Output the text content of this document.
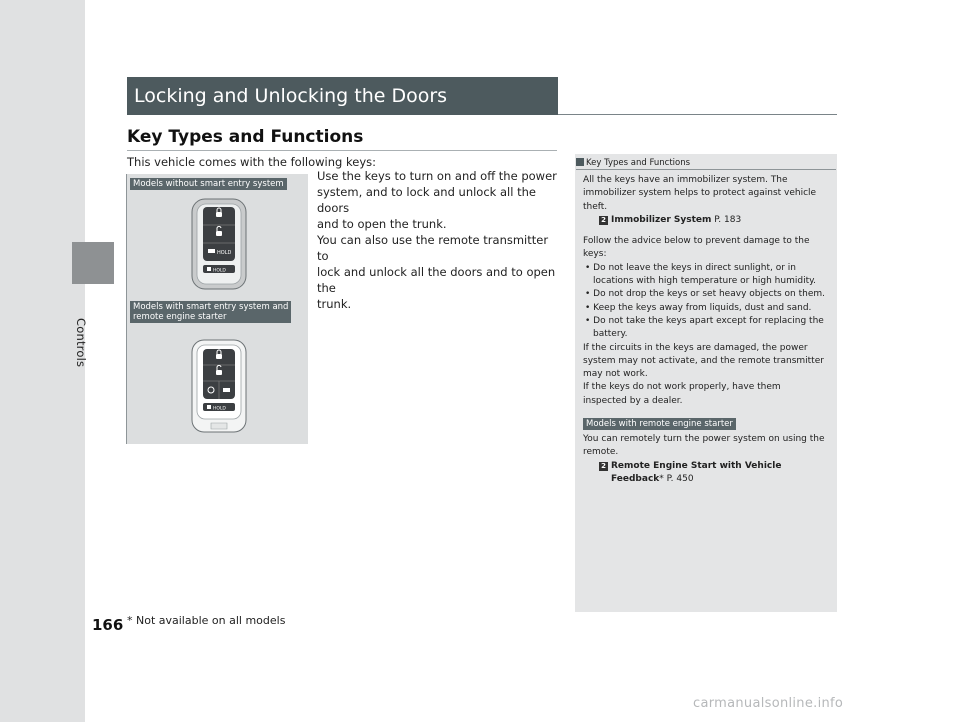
Controls
166
Locking and Unlocking the Doors
Key Types and Functions
This vehicle comes with the following keys:
Models without smart entry system
HOLD
HOLD
Models with smart entry system and
remote engine starter
HOLD

Use the keys to turn on and off the power

system, and to lock and unlock all the doors

and to open the trunk.

You can also use the remote transmitter to

lock and unlock all the doors and to open the

trunk.

Key Types and Functions

All the keys have an immobilizer system. The

immobilizer system helps to protect against vehicle

theft.

2 Immobilizer System P. 183

Follow the advice below to prevent damage to the

keys:

• Do not leave the keys in direct sunlight, or in
locations with high temperature or high humidity.

• Do not drop the keys or set heavy objects on them.

• Keep the keys away from liquids, dust and sand.

• Do not take the keys apart except for replacing the
battery.

If the circuits in the keys are damaged, the power

system may not activate, and the remote transmitter

may not work.

If the keys do not work properly, have them

inspected by a dealer.

Models with remote engine starter

You can remotely turn the power system on using the

remote.

2 Remote Engine Start with Vehicle
Feedback* P. 450

* Not available on all models
carmanualsonline.info
